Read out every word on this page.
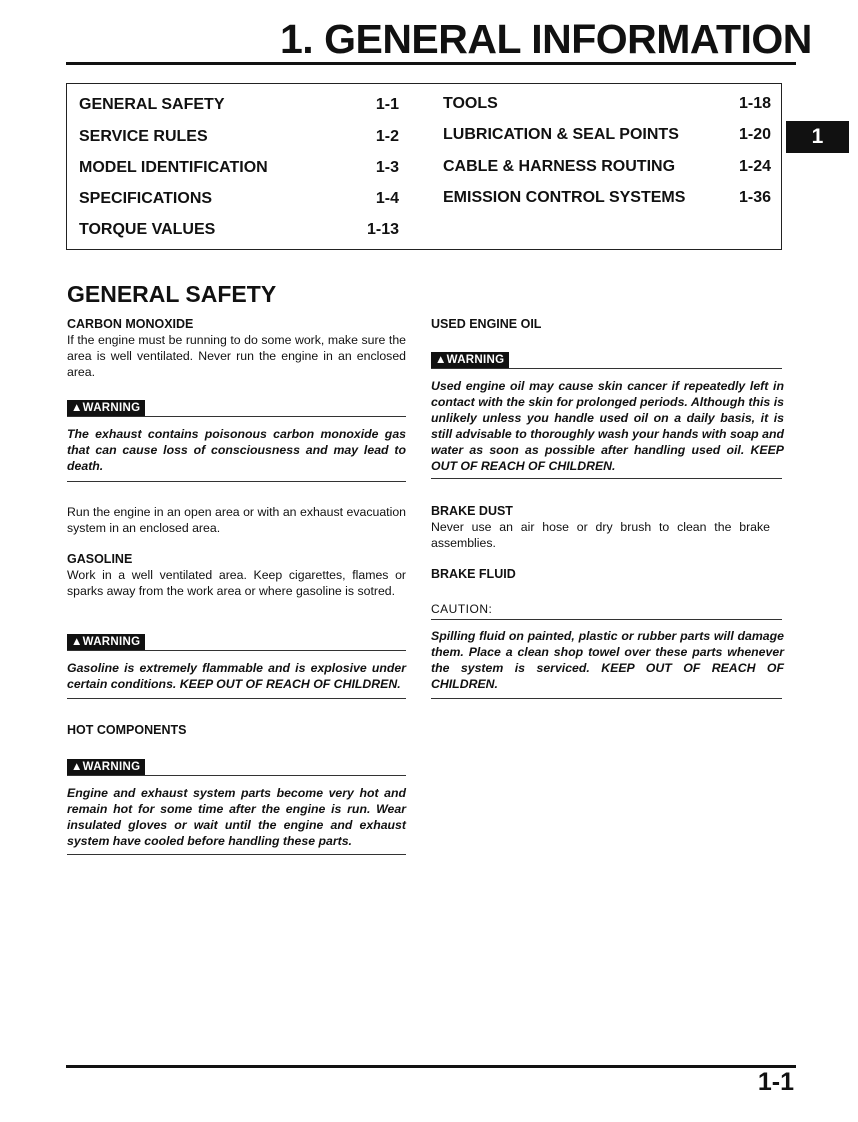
1. GENERAL INFORMATION
GENERAL SAFETY	1-1
SERVICE RULES	1-2
MODEL IDENTIFICATION	1-3
SPECIFICATIONS	1-4
TORQUE VALUES	1-13
TOOLS	1-18
LUBRICATION & SEAL POINTS	1-20
CABLE & HARNESS ROUTING	1-24
EMISSION CONTROL SYSTEMS	1-36
1
GENERAL SAFETY
CARBON MONOXIDE
If the engine must be running to do some work, make sure the area is well ventilated. Never run the engine in an enclosed area.
▲WARNING
The exhaust contains poisonous carbon monoxide gas that can cause loss of consciousness and may lead to death.
Run the engine in an open area or with an exhaust evacuation system in an enclosed area.
GASOLINE
Work in a well ventilated area. Keep cigarettes, flames or sparks away from the work area or where gasoline is sotred.
▲WARNING
Gasoline is extremely flammable and is explosive under certain conditions. KEEP OUT OF REACH OF CHILDREN.
HOT COMPONENTS
▲WARNING
Engine and exhaust system parts become very hot and remain hot for some time after the engine is run. Wear insulated gloves or wait until the engine and exhaust system have cooled before handling these parts.
USED ENGINE OIL
▲WARNING
Used engine oil may cause skin cancer if repeatedly left in contact with the skin for prolonged periods. Although this is unlikely unless you handle used oil on a daily basis, it is still advisable to thoroughly wash your hands with soap and water as soon as possible after handling used oil. KEEP OUT OF REACH OF CHILDREN.
BRAKE DUST
Never use an air hose or dry brush to clean the brake assemblies.
BRAKE FLUID
CAUTION:
Spilling fluid on painted, plastic or rubber parts will damage them. Place a clean shop towel over these parts whenever the system is serviced. KEEP OUT OF REACH OF CHILDREN.
1-1
